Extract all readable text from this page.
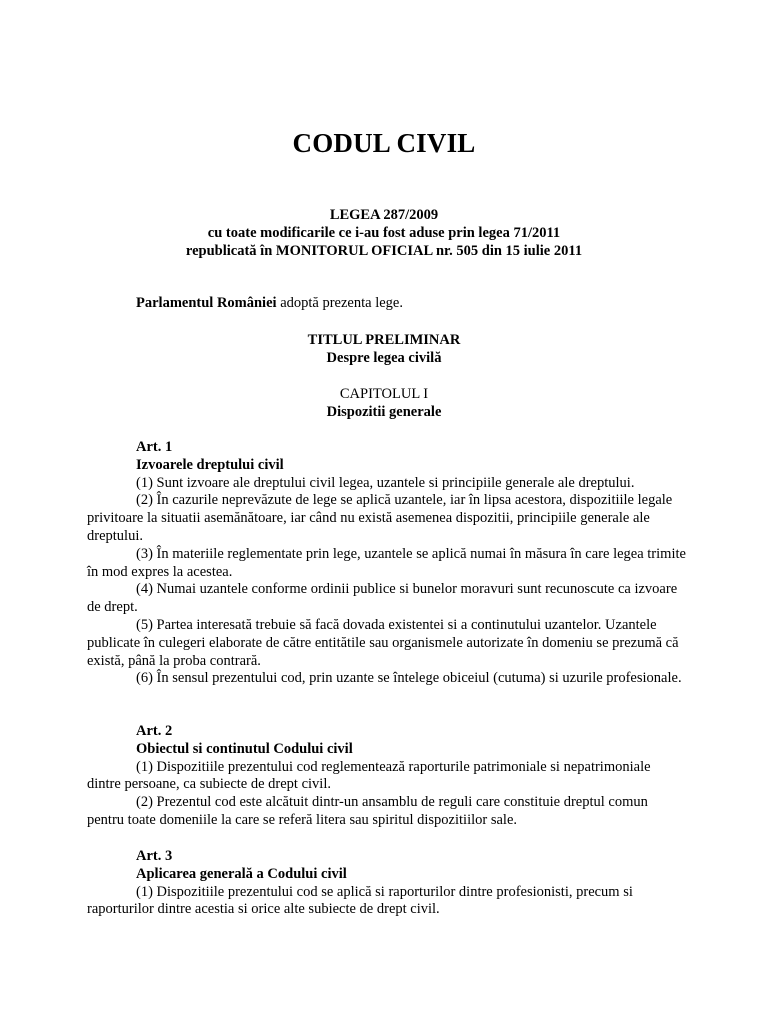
CODUL CIVIL
LEGEA 287/2009
cu toate modificarile ce i-au fost aduse prin legea 71/2011
republicată în MONITORUL OFICIAL nr. 505 din 15 iulie 2011
Parlamentul României adoptă prezenta lege.
TITLUL PRELIMINAR
Despre legea civilă
CAPITOLUL I
Dispozitii generale
Art. 1
Izvoarele dreptului civil

(1) Sunt izvoare ale dreptului civil legea, uzantele si principiile generale ale dreptului.

(2) În cazurile neprevăzute de lege se aplică uzantele, iar în lipsa acestora, dispozitiile legale privitoare la situatii asemănătoare, iar când nu există asemenea dispozitii, principiile generale ale dreptului.

(3) În materiile reglementate prin lege, uzantele se aplică numai în măsura în care legea trimite în mod expres la acestea.

(4) Numai uzantele conforme ordinii publice si bunelor moravuri sunt recunoscute ca izvoare de drept.

(5) Partea interesată trebuie să facă dovada existentei si a continutului uzantelor. Uzantele publicate în culegeri elaborate de către entitătile sau organismele autorizate în domeniu se prezumă că există, până la proba contrară.

(6) În sensul prezentului cod, prin uzante se întelege obiceiul (cutuma) si uzurile profesionale.

Art. 2
Obiectul si continutul Codului civil

(1) Dispozitiile prezentului cod reglementează raporturile patrimoniale si nepatrimoniale dintre persoane, ca subiecte de drept civil.

(2) Prezentul cod este alcătuit dintr-un ansamblu de reguli care constituie dreptul comun pentru toate domeniile la care se referă litera sau spiritul dispozitiilor sale.

Art. 3
Aplicarea generală a Codului civil

(1) Dispozitiile prezentului cod se aplică si raporturilor dintre profesionisti, precum si raporturilor dintre acestia si orice alte subiecte de drept civil.
